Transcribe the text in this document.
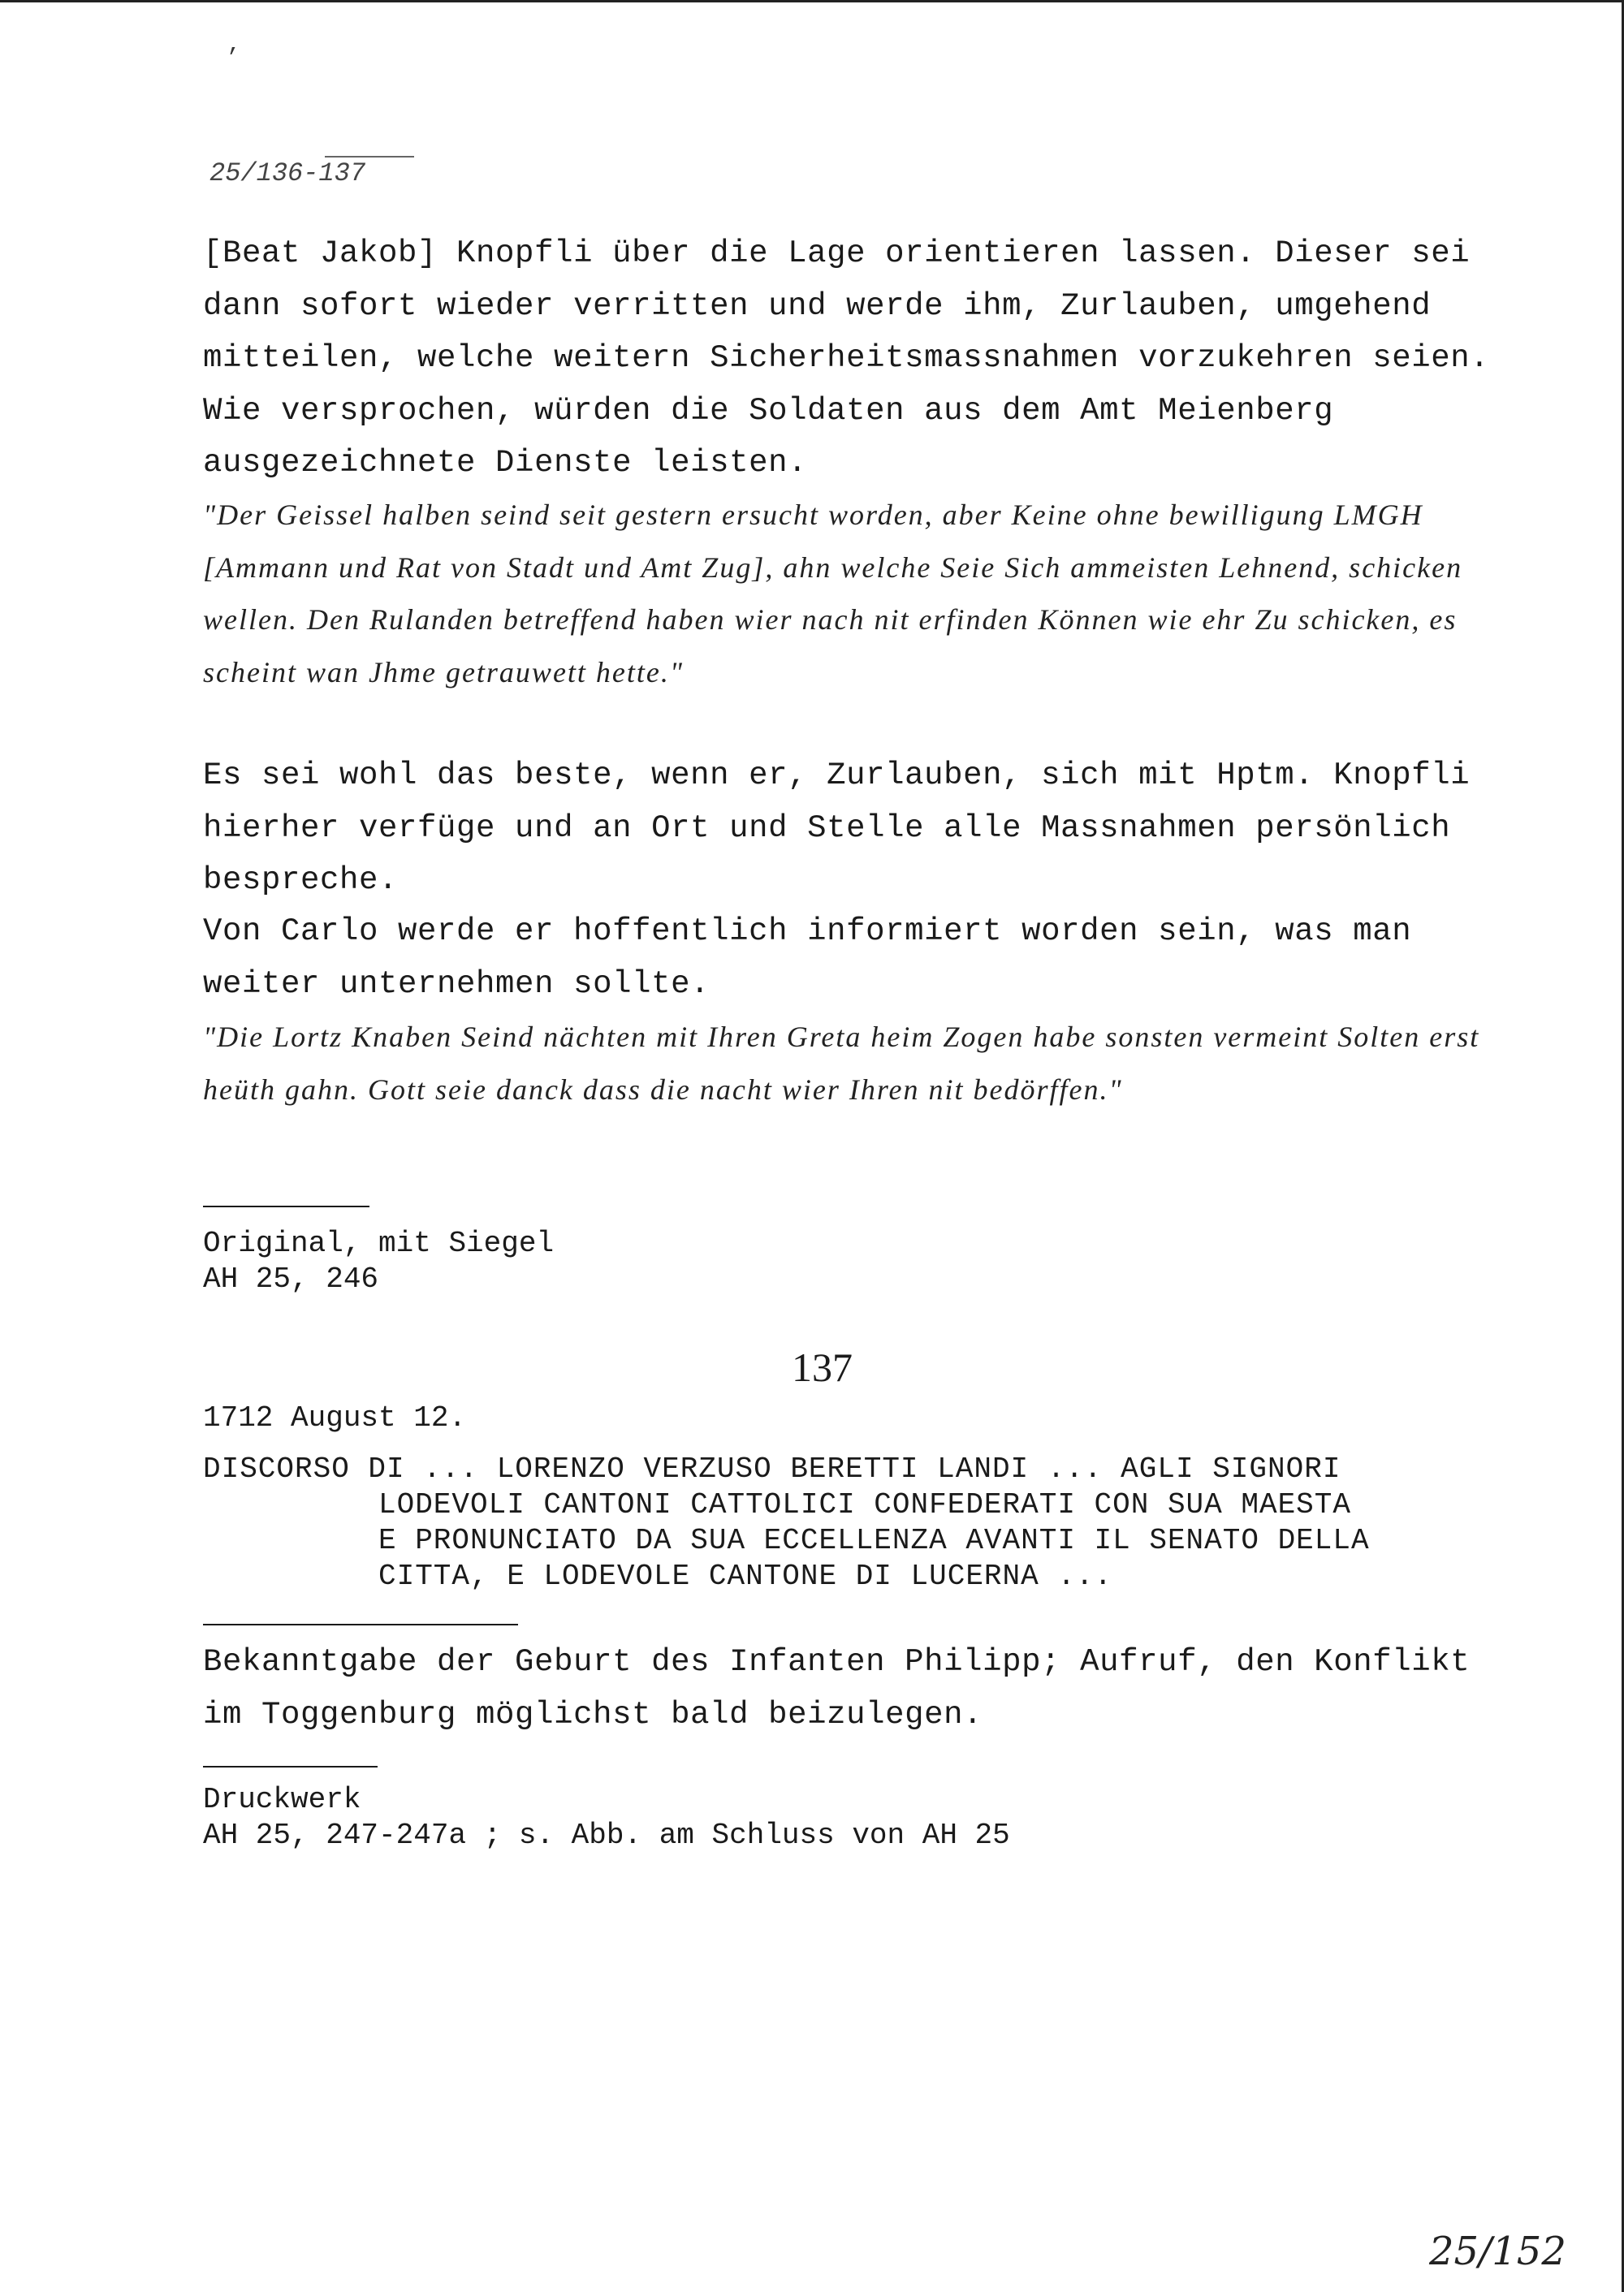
,
25/136-137

[Beat Jakob] Knopfli über die Lage orientieren lassen. Dieser sei dann sofort wieder verritten und werde ihm, Zurlauben, umgehend mitteilen, welche weitern Sicherheitsmassnahmen vorzukehren seien. Wie versprochen, würden die Soldaten aus dem Amt Meienberg ausgezeichnete Dienste leisten.

"Der Geissel halben seind seit gestern ersucht worden, aber Keine ohne bewilligung LMGH [Ammann und Rat von Stadt und Amt Zug], ahn welche Seie Sich ammeisten Lehnend, schicken wellen. Den Rulanden betreffend haben wier nach nit erfinden Können wie ehr Zu schicken, es scheint wan Jhme getrauwett hette."

Es sei wohl das beste, wenn er, Zurlauben, sich mit Hptm. Knopfli hierher verfüge und an Ort und Stelle alle Massnahmen persönlich bespreche.

Von Carlo werde er hoffentlich informiert worden sein, was man weiter unternehmen sollte.

"Die Lortz Knaben Seind nächten mit Ihren Greta heim Zogen habe sonsten vermeint Solten erst heüth gahn. Gott seie danck dass die nacht wier Ihren nit bedörffen."

Original, mit Siegel
AH 25, 246
137
1712 August 12.
DISCORSO DI ... LORENZO VERZUSO BERETTI LANDI ... AGLI SIGNORI
LODEVOLI CANTONI CATTOLICI CONFEDERATI CON SUA MAESTA
E PRONUNCIATO DA SUA ECCELLENZA AVANTI IL SENATO DELLA
CITTA, E LODEVOLE CANTONE DI LUCERNA ...

Bekanntgabe der Geburt des Infanten Philipp; Aufruf, den Konflikt im Toggenburg möglichst bald beizulegen.

Druckwerk
AH 25, 247-247a ; s. Abb. am Schluss von AH 25
25/152
